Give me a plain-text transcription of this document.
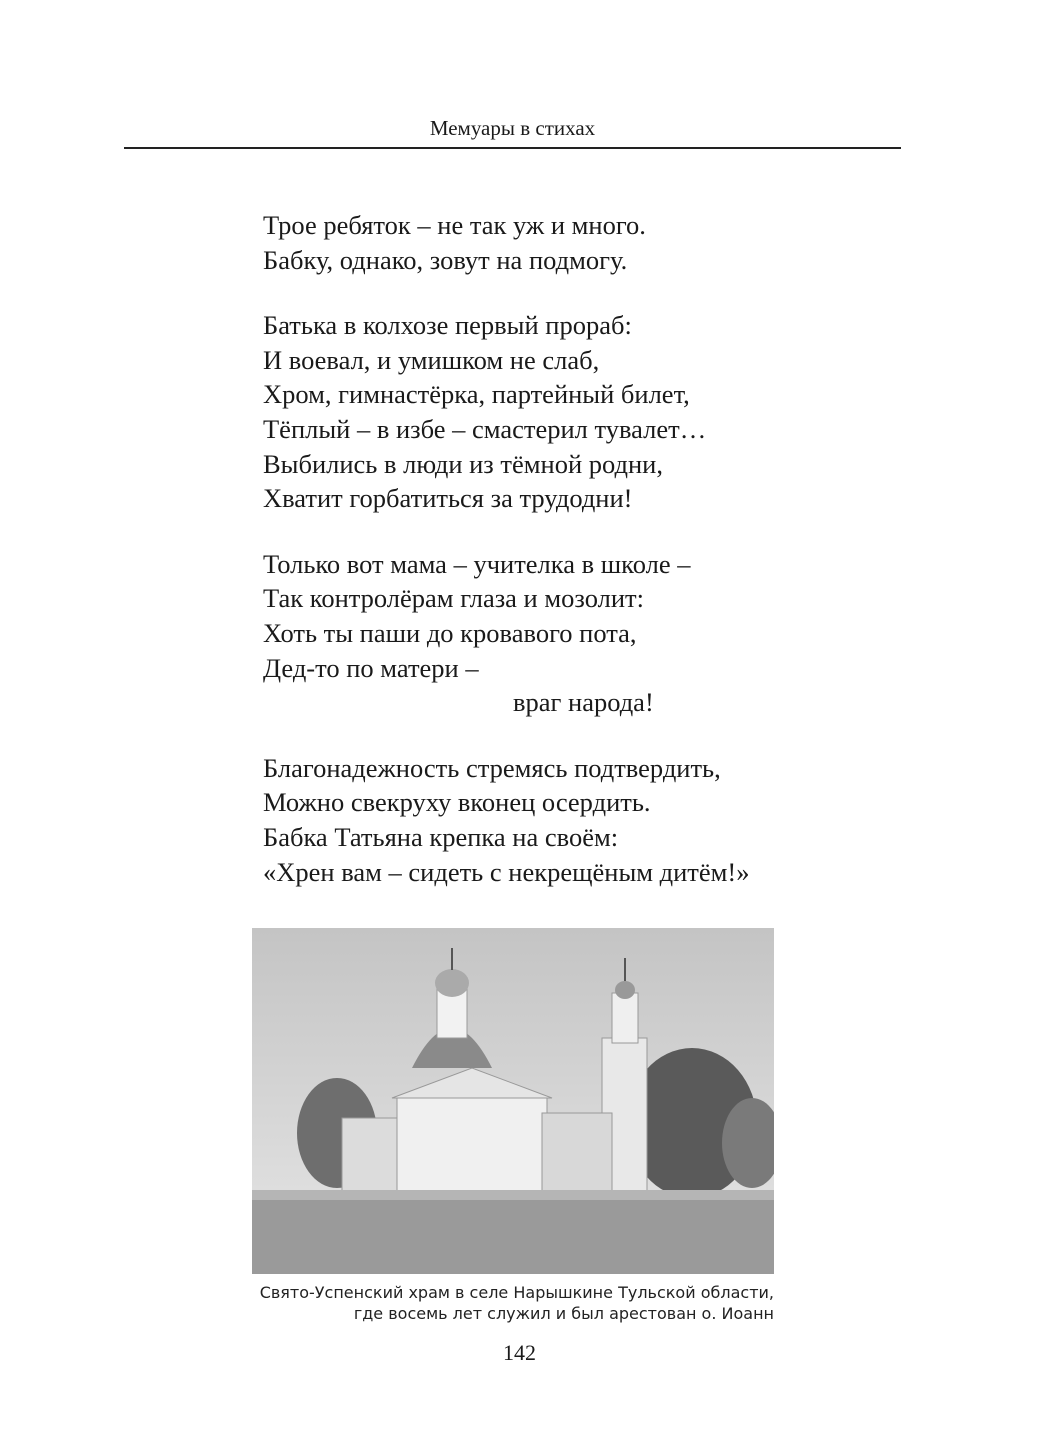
Мемуары в стихах
Трое ребяток – не так уж и много.
Бабку, однако, зовут на подмогу.
Батька в колхозе первый прораб:
И воевал, и умишком не слаб,
Хром, гимнастёрка, партейный билет,
Тёплый – в избе – смастерил тувалет…
Выбились в люди из тёмной родни,
Хватит горбатиться за трудодни!
Только вот мама – учителка в школе –
Так контролёрам глаза и мозолит:
Хоть ты паши до кровавого пота,
Дед-то по матери –
враг народа!
Благонадежность стремясь подтвердить,
Можно свекруху вконец осердить.
Бабка Татьяна крепка на своём:
«Хрен вам – сидеть с некрещёным дитём!»
Свято-Успенский храм в селе Нарышкине Тульской области,
где восемь лет служил и был арестован о. Иоанн
142
